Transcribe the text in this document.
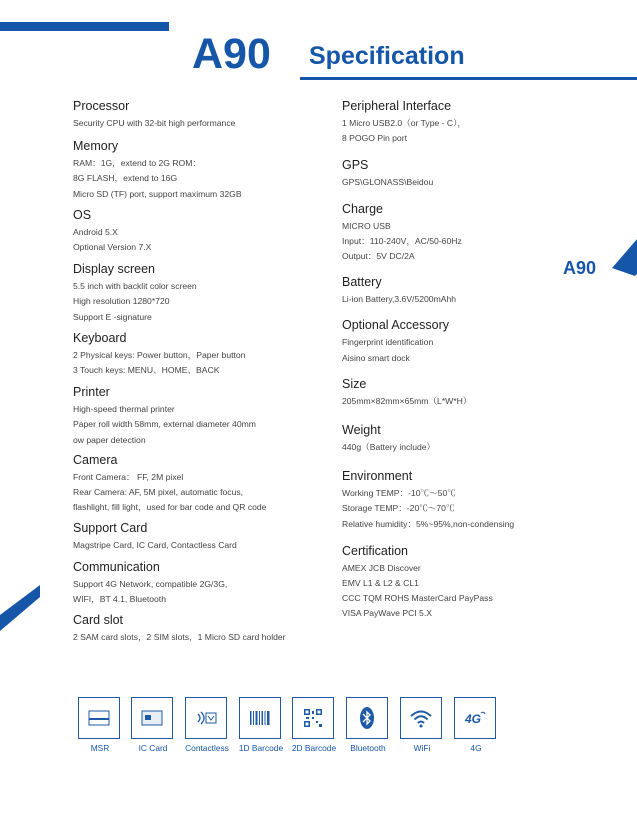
A90 Specification
Processor
Security CPU with 32-bit high performance
Memory
RAM：1G，extend to 2G ROM：
8G FLASH，extend to 16G
Micro SD (TF) port, support maximum 32GB
OS
Android 5.X
Optional Version 7.X
Display screen
5.5 inch with backlit color screen
High resolution 1280*720
Support E -signature
Keyboard
2 Physical keys: Power button，Paper button
3 Touch keys: MENU、HOME、BACK
Printer
High-speed thermal printer
Paper roll width 58mm, external diameter 40mm
ow paper detection
Camera
Front Camera： FF, 2M pixel
Rear Camera: AF, 5M pixel, automatic focus,
flashlight, fill light，used for bar code and QR code
Support Card
Magstripe Card, IC Card, Contactless Card
Communication
Support 4G Network, compatible 2G/3G,
WIFI，BT 4.1, Bluetooth
Card slot
2 SAM card slots，2 SIM slots，1 Micro SD card holder
Peripheral Interface
1 Micro USB2.0（or Type - C），
8 POGO Pin port
GPS
GPS\GLONASS\Beidou
Charge
MICRO USB
Input：110-240V，AC/50-60Hz
Output：5V DC/2A
Battery
Li-ion Battery,3.6V/5200mAhh
Optional Accessory
Fingerprint identification
Aisino smart dock
Size
205mm×82mm×65mm（L*W*H）
Weight
440g（Battery include）
Environment
Working TEMP：-10℃～50℃
Storage TEMP：-20℃～70℃
Relative humidity：5%~95%,non-condensing
Certification
AMEX JCB Discover
EMV L1 & L2 & CL1
CCC TQM ROHS MasterCard PayPass
VISA PayWave PCI 5.X
A90
MSR	IC Card	Contactless	1D Barcode	2D Barcode	Bluetooth	WiFi
4G
4G
